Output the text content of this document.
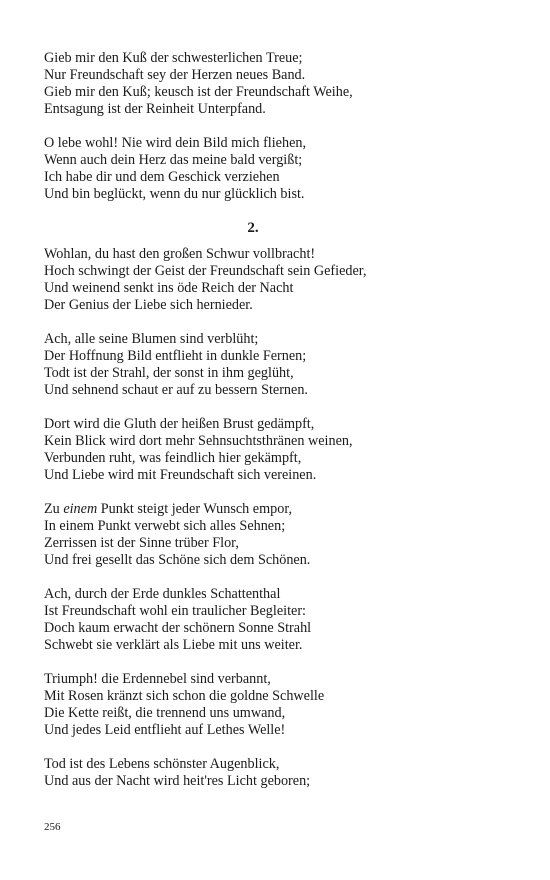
Gieb mir den Kuß der schwesterlichen Treue;
Nur Freundschaft sey der Herzen neues Band.
Gieb mir den Kuß; keusch ist der Freundschaft Weihe,
Entsagung ist der Reinheit Unterpfand.
O lebe wohl! Nie wird dein Bild mich fliehen,
Wenn auch dein Herz das meine bald vergißt;
Ich habe dir und dem Geschick verziehen
Und bin beglückt, wenn du nur glücklich bist.
2.
Wohlan, du hast den großen Schwur vollbracht!
Hoch schwingt der Geist der Freundschaft sein Gefieder,
Und weinend senkt ins öde Reich der Nacht
Der Genius der Liebe sich hernieder.
Ach, alle seine Blumen sind verblüht;
Der Hoffnung Bild entflieht in dunkle Fernen;
Todt ist der Strahl, der sonst in ihm geglüht,
Und sehnend schaut er auf zu bessern Sternen.
Dort wird die Gluth der heißen Brust gedämpft,
Kein Blick wird dort mehr Sehnsuchtsthränen weinen,
Verbunden ruht, was feindlich hier gekämpft,
Und Liebe wird mit Freundschaft sich vereinen.
Zu einem Punkt steigt jeder Wunsch empor,
In einem Punkt verwebt sich alles Sehnen;
Zerrissen ist der Sinne trüber Flor,
Und frei gesellt das Schöne sich dem Schönen.
Ach, durch der Erde dunkles Schattenthal
Ist Freundschaft wohl ein traulicher Begleiter:
Doch kaum erwacht der schönern Sonne Strahl
Schwebt sie verklärt als Liebe mit uns weiter.
Triumph! die Erdennebel sind verbannt,
Mit Rosen kränzt sich schon die goldne Schwelle
Die Kette reißt, die trennend uns umwand,
Und jedes Leid entflieht auf Lethes Welle!
Tod ist des Lebens schönster Augenblick,
Und aus der Nacht wird heit'res Licht geboren;
256
